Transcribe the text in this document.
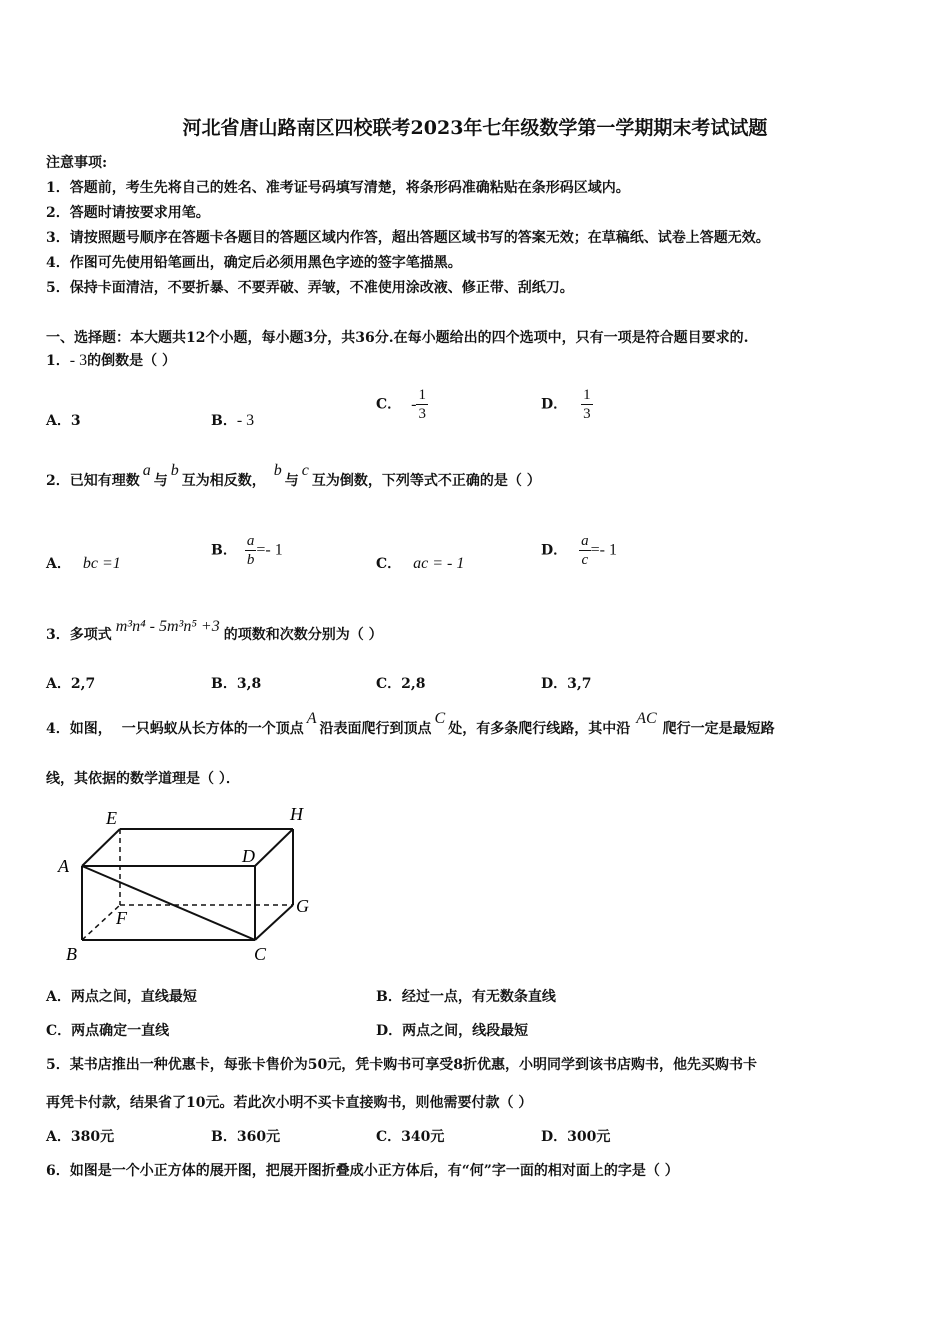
河北省唐山路南区四校联考2023年七年级数学第一学期期末考试试题
注意事项:
1．答题前，考生先将自己的姓名、准考证号码填写清楚，将条形码准确粘贴在条形码区域内。
2．答题时请按要求用笔。
3．请按照题号顺序在答题卡各题目的答题区域内作答，超出答题区域书写的答案无效；在草稿纸、试卷上答题无效。
4．作图可先使用铅笔画出，确定后必须用黑色字迹的签字笔描黑。
5．保持卡面清洁，不要折暴、不要弄破、弄皱，不准使用涂改液、修正带、刮纸刀。
一、选择题：本大题共12个小题，每小题3分，共36分.在每小题给出的四个选项中，只有一项是符合题目要求的.
1．- 3的倒数是（ ）
A．3	B．- 3
C． - $\frac{1}{3}$	D． $\frac{1}{3}$
2．已知有理数a与b互为相反数，b与c互为倒数，下列等式不正确的是（ ）
A． bc =1
B． $\frac{a}{b} =- 1$
C． ac = - 1
D． $\frac{a}{c} =- 1$
3．多项式 m³n⁴ - 5m³n⁵ +3 的项数和次数分别为（ ）
A．2,7	B．3,8	C．2,8	D．3,7
4．如图， 一只蚂蚁从长方体的一个顶点A沿表面爬行到顶点C处，有多条爬行线路，其中沿AC爬行一定是最短路
线，其依据的数学道理是（ ）．
E	H
A	D
F
G
B	C
A．两点之间，直线最短	B．经过一点，有无数条直线
C．两点确定一直线	D．两点之间，线段最短
5．某书店推出一种优惠卡，每张卡售价为50元，凭卡购书可享受8折优惠，小明同学到该书店购书，他先买购书卡
再凭卡付款，结果省了10元。若此次小明不买卡直接购书，则他需要付款（ ）
A．380元	B．360元	C．340元	D．300元
6．如图是一个小正方体的展开图，把展开图折叠成小正方体后，有“何”字一面的相对面上的字是（ ）
